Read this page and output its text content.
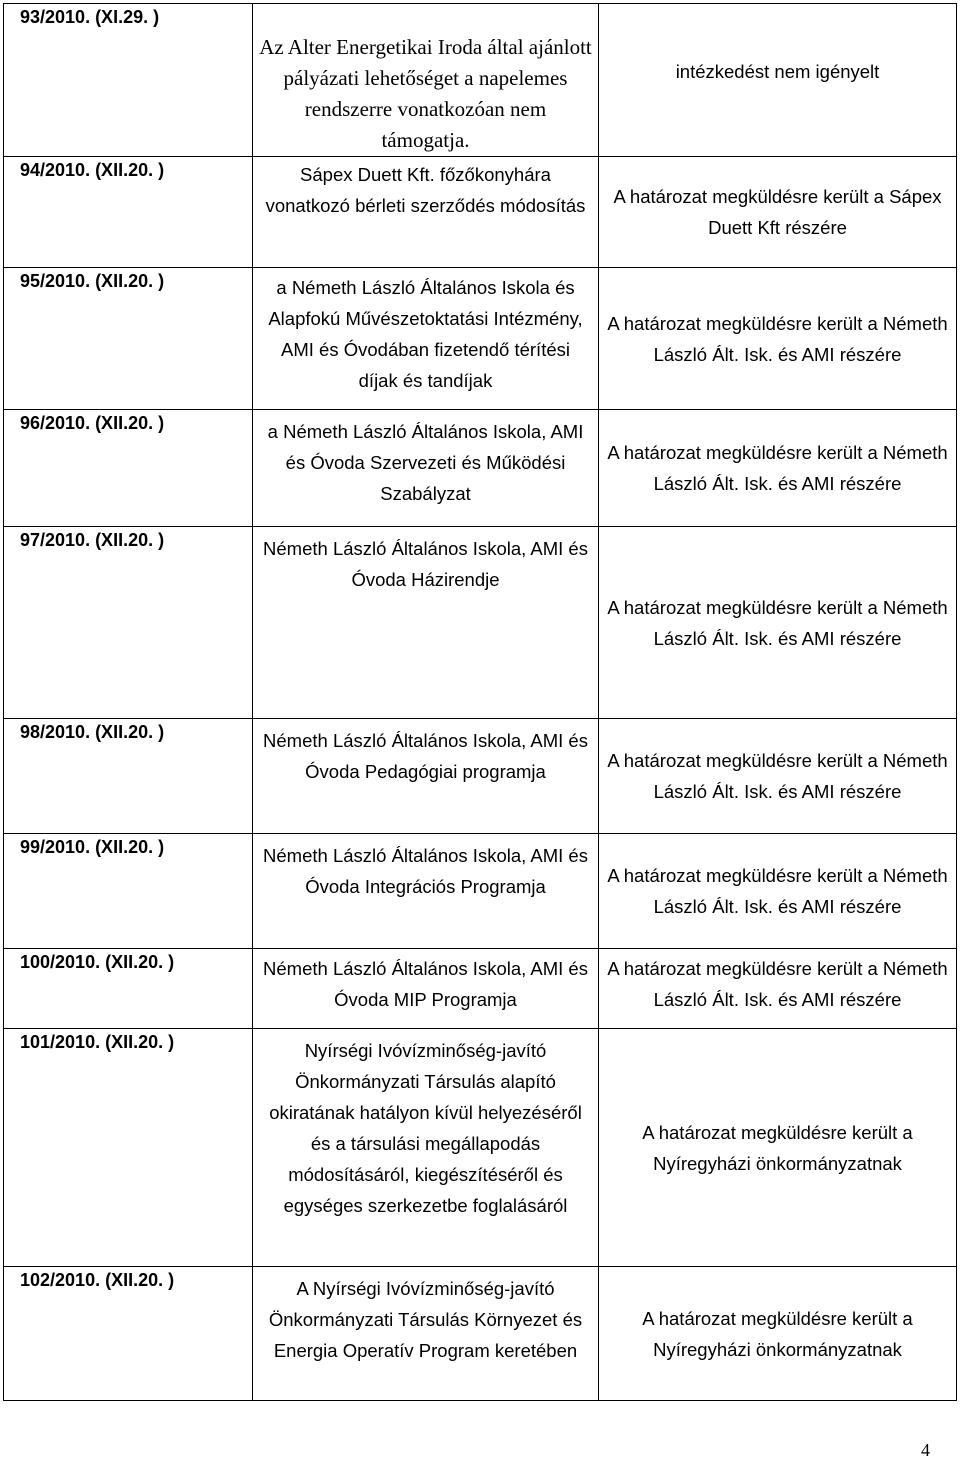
93/2010. (XI.29. )	Az Alter Energetikai Iroda által ajánlott pályázati lehetőséget a napelemes rendszerre vonatkozóan nem támogatja.	intézkedést nem igényelt
94/2010. (XII.20. )	Sápex Duett Kft. főzőkonyhára vonatkozó bérleti szerződés módosítás	A határozat megküldésre került a Sápex Duett Kft részére
95/2010. (XII.20. )	a Németh László Általános Iskola és Alapfokú Művészetoktatási Intézmény, AMI és Óvodában fizetendő térítési díjak és tandíjak	A határozat megküldésre került a Németh László Ált. Isk. és AMI részére
96/2010. (XII.20. )	a Németh László Általános Iskola, AMI és Óvoda Szervezeti és Működési Szabályzat	A határozat megküldésre került a Németh László Ált. Isk. és AMI részére
97/2010. (XII.20. )	Németh László Általános Iskola, AMI és Óvoda Házirendje	A határozat megküldésre került a Németh László Ált. Isk. és AMI részére
98/2010. (XII.20. )	Németh László Általános Iskola, AMI és Óvoda Pedagógiai programja	A határozat megküldésre került a Németh László Ált. Isk. és AMI részére
99/2010. (XII.20. )	Németh László Általános Iskola, AMI és Óvoda Integrációs Programja	A határozat megküldésre került a Németh László Ált. Isk. és AMI részére
100/2010. (XII.20. )	Németh László Általános Iskola, AMI és Óvoda MIP Programja	A határozat megküldésre került a Németh László Ált. Isk. és AMI részére
101/2010. (XII.20. )	Nyírségi Ivóvízminőség-javító Önkormányzati Társulás alapító okiratának hatályon kívül helyezéséről és a társulási megállapodás módosításáról, kiegészítéséről és egységes szerkezetbe foglalásáról	A határozat megküldésre került a Nyíregyházi önkormányzatnak
102/2010. (XII.20. )	A Nyírségi Ivóvízminőség-javító Önkormányzati Társulás Környezet és Energia Operatív Program keretében	A határozat megküldésre került a Nyíregyházi önkormányzatnak
4
